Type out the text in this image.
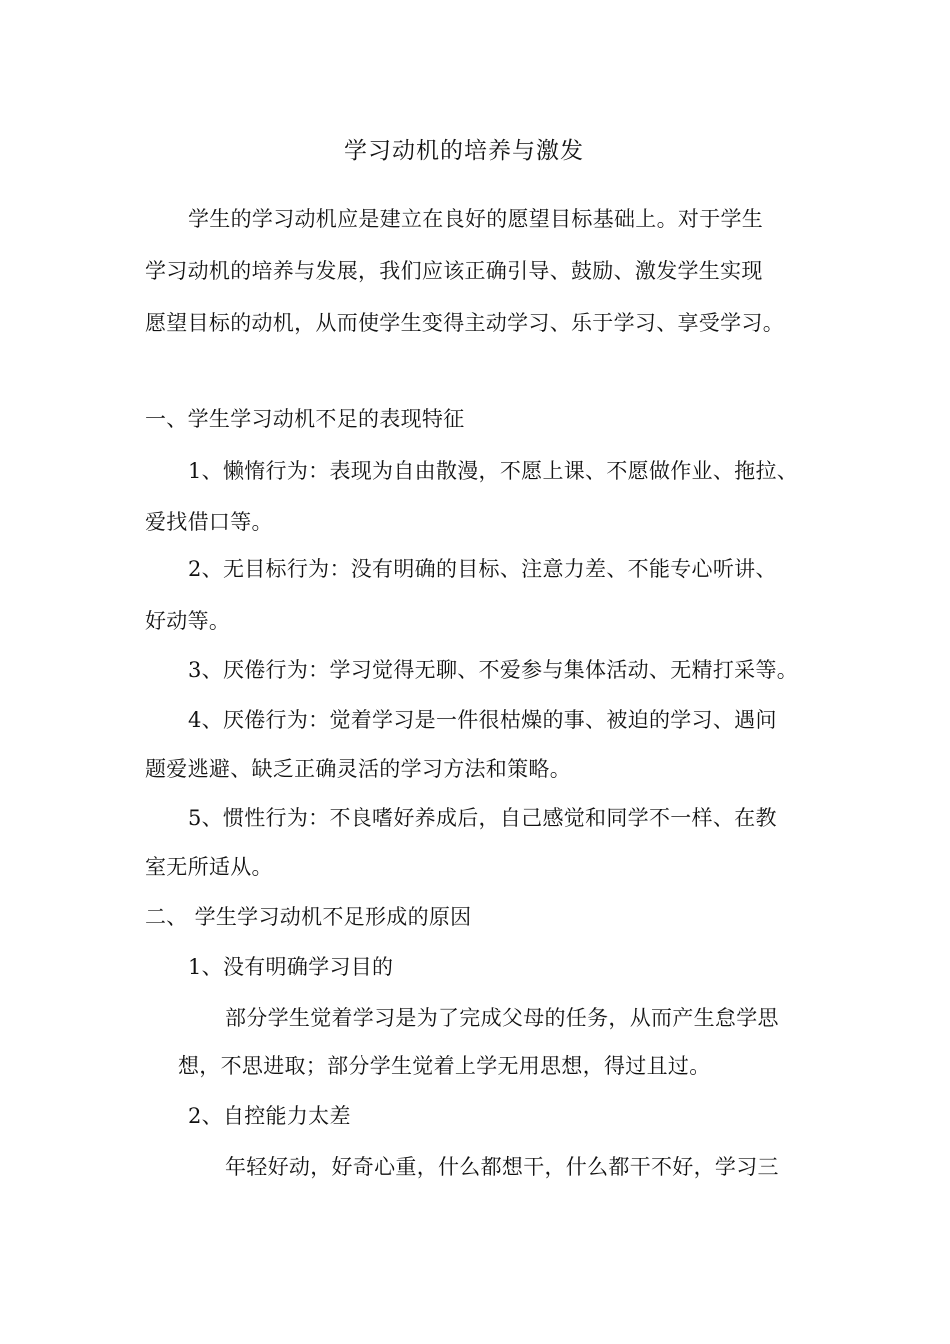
学习动机的培养与激发
学生的学习动机应是建立在良好的愿望目标基础上。对于学生
学习动机的培养与发展，我们应该正确引导、鼓励、激发学生实现
愿望目标的动机，从而使学生变得主动学习、乐于学习、享受学习。
一、学生学习动机不足的表现特征
1、懒惰行为：表现为自由散漫，不愿上课、不愿做作业、拖拉、
爱找借口等。
2、无目标行为：没有明确的目标、注意力差、不能专心听讲、
好动等。
3、厌倦行为：学习觉得无聊、不爱参与集体活动、无精打采等。
4、厌倦行为：觉着学习是一件很枯燥的事、被迫的学习、遇问
题爱逃避、缺乏正确灵活的学习方法和策略。
5、惯性行为：不良嗜好养成后，自己感觉和同学不一样、在教
室无所适从。
二、 学生学习动机不足形成的原因
1、没有明确学习目的
部分学生觉着学习是为了完成父母的任务，从而产生怠学思
想，不思进取；部分学生觉着上学无用思想，得过且过。
2、自控能力太差
年轻好动，好奇心重，什么都想干，什么都干不好，学习三
